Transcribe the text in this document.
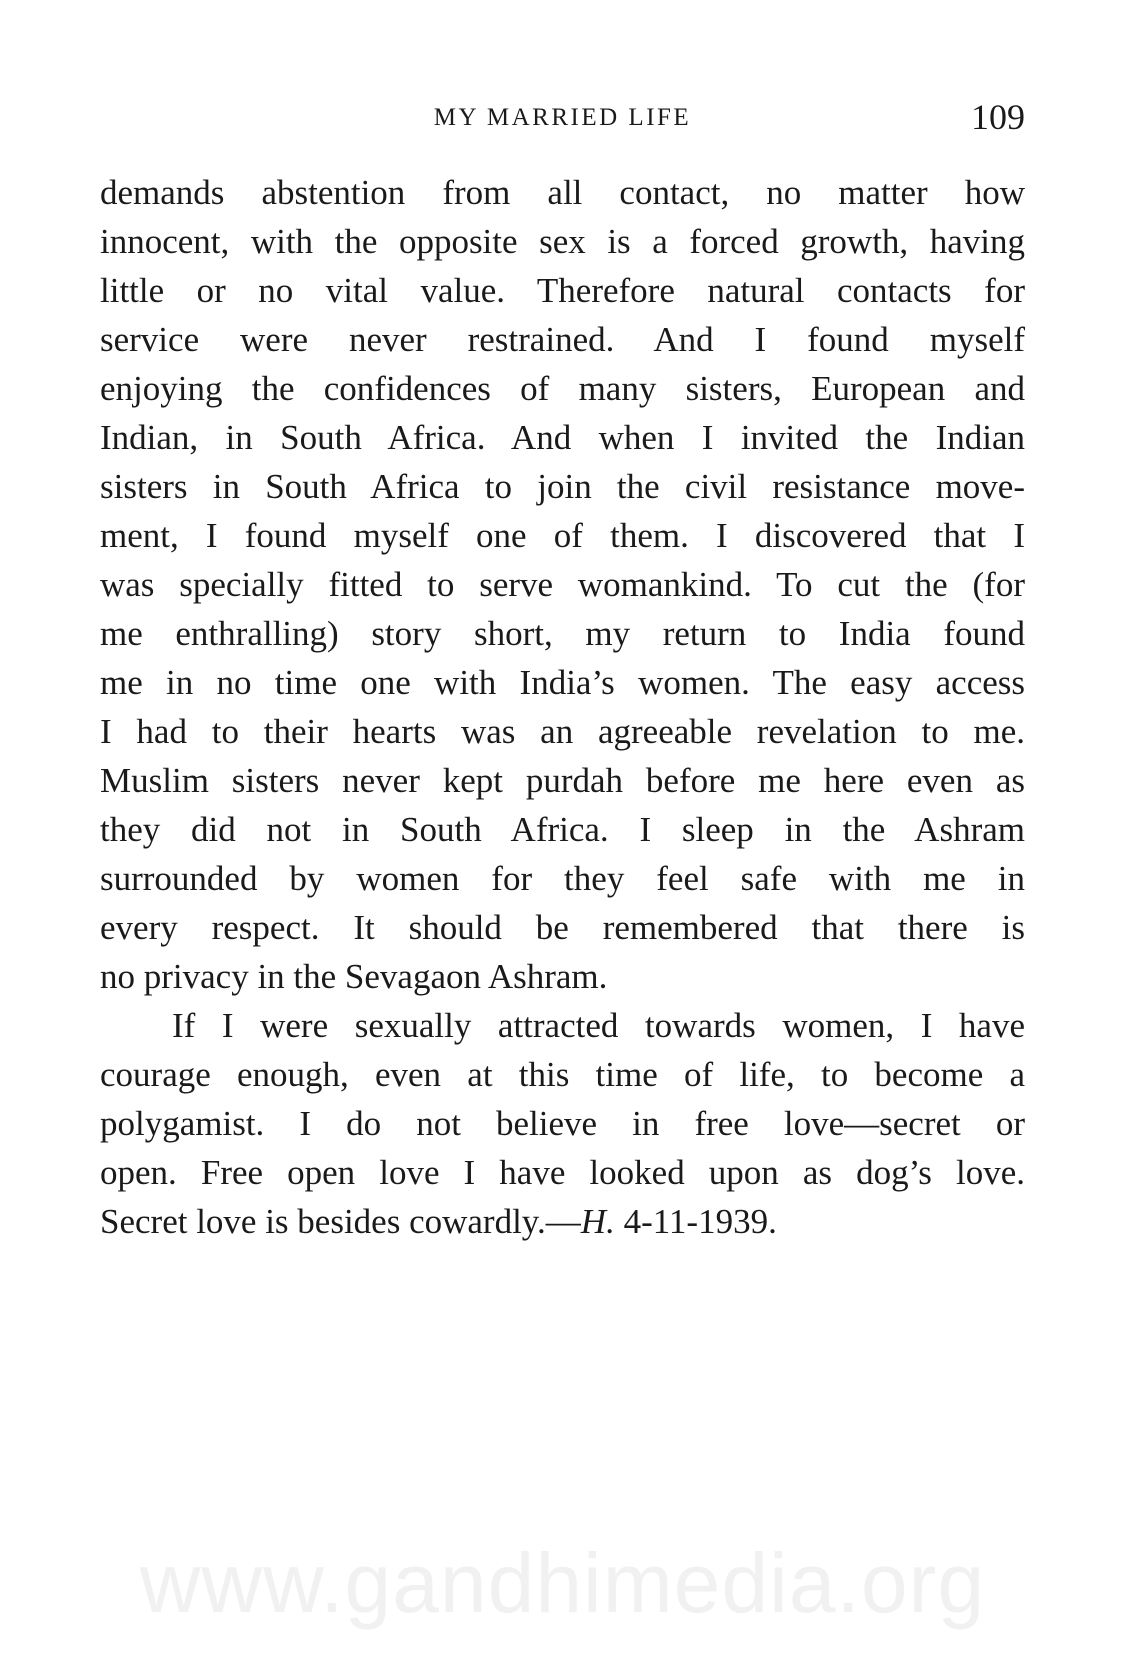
MY MARRIED LIFE	109
demands abstention from all contact, no matter how
innocent, with the opposite sex is a forced growth, having
little or no vital value. Therefore natural contacts for
service were never restrained. And I found myself
enjoying the confidences of many sisters, European and
Indian, in South Africa. And when I invited the Indian
sisters in South Africa to join the civil resistance move-
ment, I found myself one of them. I discovered that I
was specially fitted to serve womankind. To cut the (for
me enthralling) story short, my return to India found
me in no time one with India’s women. The easy access
I had to their hearts was an agreeable revelation to me.
Muslim sisters never kept purdah before me here even as
they did not in South Africa. I sleep in the Ashram
surrounded by women for they feel safe with me in
every respect. It should be remembered that there is
no privacy in the Sevagaon Ashram.
If I were sexually attracted towards women, I have
courage enough, even at this time of life, to become a
polygamist. I do not believe in free love—secret or
open. Free open love I have looked upon as dog’s love.
Secret love is besides cowardly.—H. 4-11-1939.
www.gandhimedia.org
